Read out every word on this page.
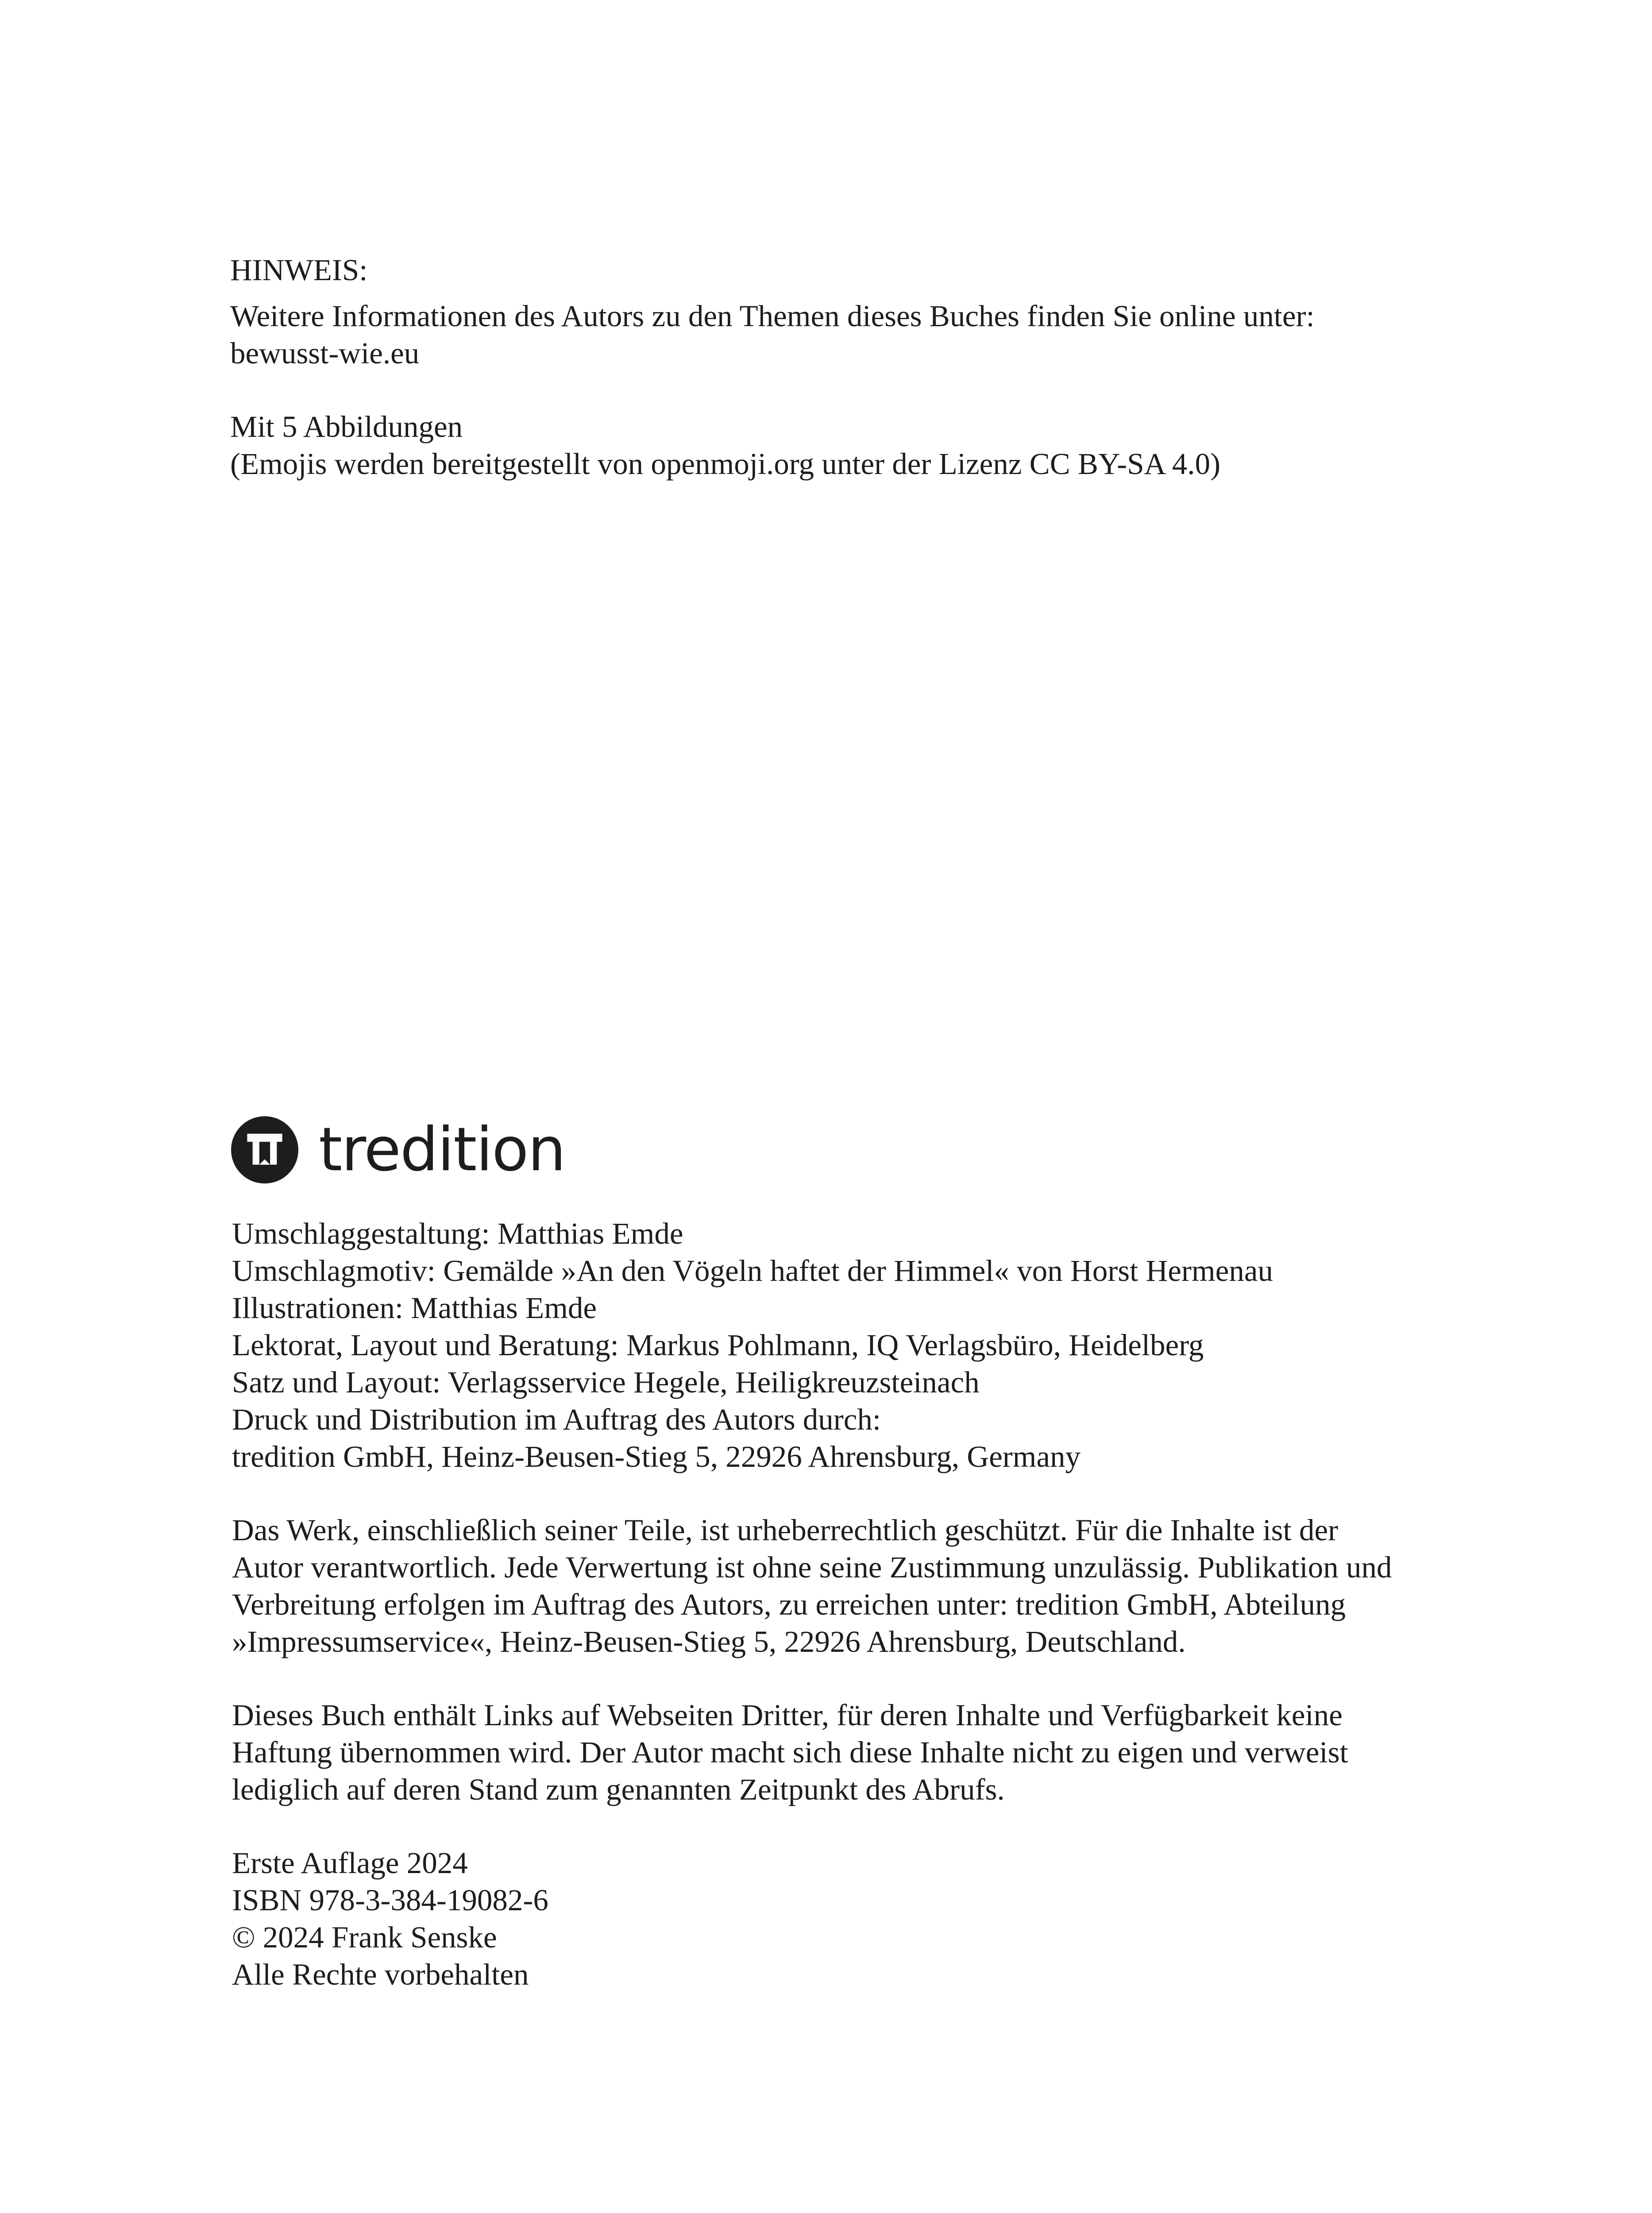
HINWEIS:

Weitere Informationen des Autors zu den Themen dieses Buches finden Sie online unter:

bewusst-wie.eu

Mit 5 Abbildungen

(Emojis werden bereitgestellt von openmoji.org unter der Lizenz CC BY-SA 4.0)

tredition

Umschlaggestaltung: Matthias Emde

Umschlagmotiv: Gemälde »An den Vögeln haftet der Himmel« von Horst Hermenau

Illustrationen: Matthias Emde

Lektorat, Layout und Beratung: Markus Pohlmann, IQ Verlagsbüro, Heidelberg

Satz und Layout: Verlagsservice Hegele, Heiligkreuzsteinach

Druck und Distribution im Auftrag des Autors durch:

tredition GmbH, Heinz-Beusen-Stieg 5, 22926 Ahrensburg, Germany

Das Werk, einschließlich seiner Teile, ist urheberrechtlich geschützt. Für die Inhalte ist der

Autor verantwortlich. Jede Verwertung ist ohne seine Zustimmung unzulässig. Publikation und

Verbreitung erfolgen im Auftrag des Autors, zu erreichen unter: tredition GmbH, Abteilung

»Impressumservice«, Heinz-Beusen-Stieg 5, 22926 Ahrensburg, Deutschland.

Dieses Buch enthält Links auf Webseiten Dritter, für deren Inhalte und Verfügbarkeit keine

Haftung übernommen wird. Der Autor macht sich diese Inhalte nicht zu eigen und verweist

lediglich auf deren Stand zum genannten Zeitpunkt des Abrufs.

Erste Auflage 2024

ISBN 978-3-384-19082-6

© 2024 Frank Senske

Alle Rechte vorbehalten
